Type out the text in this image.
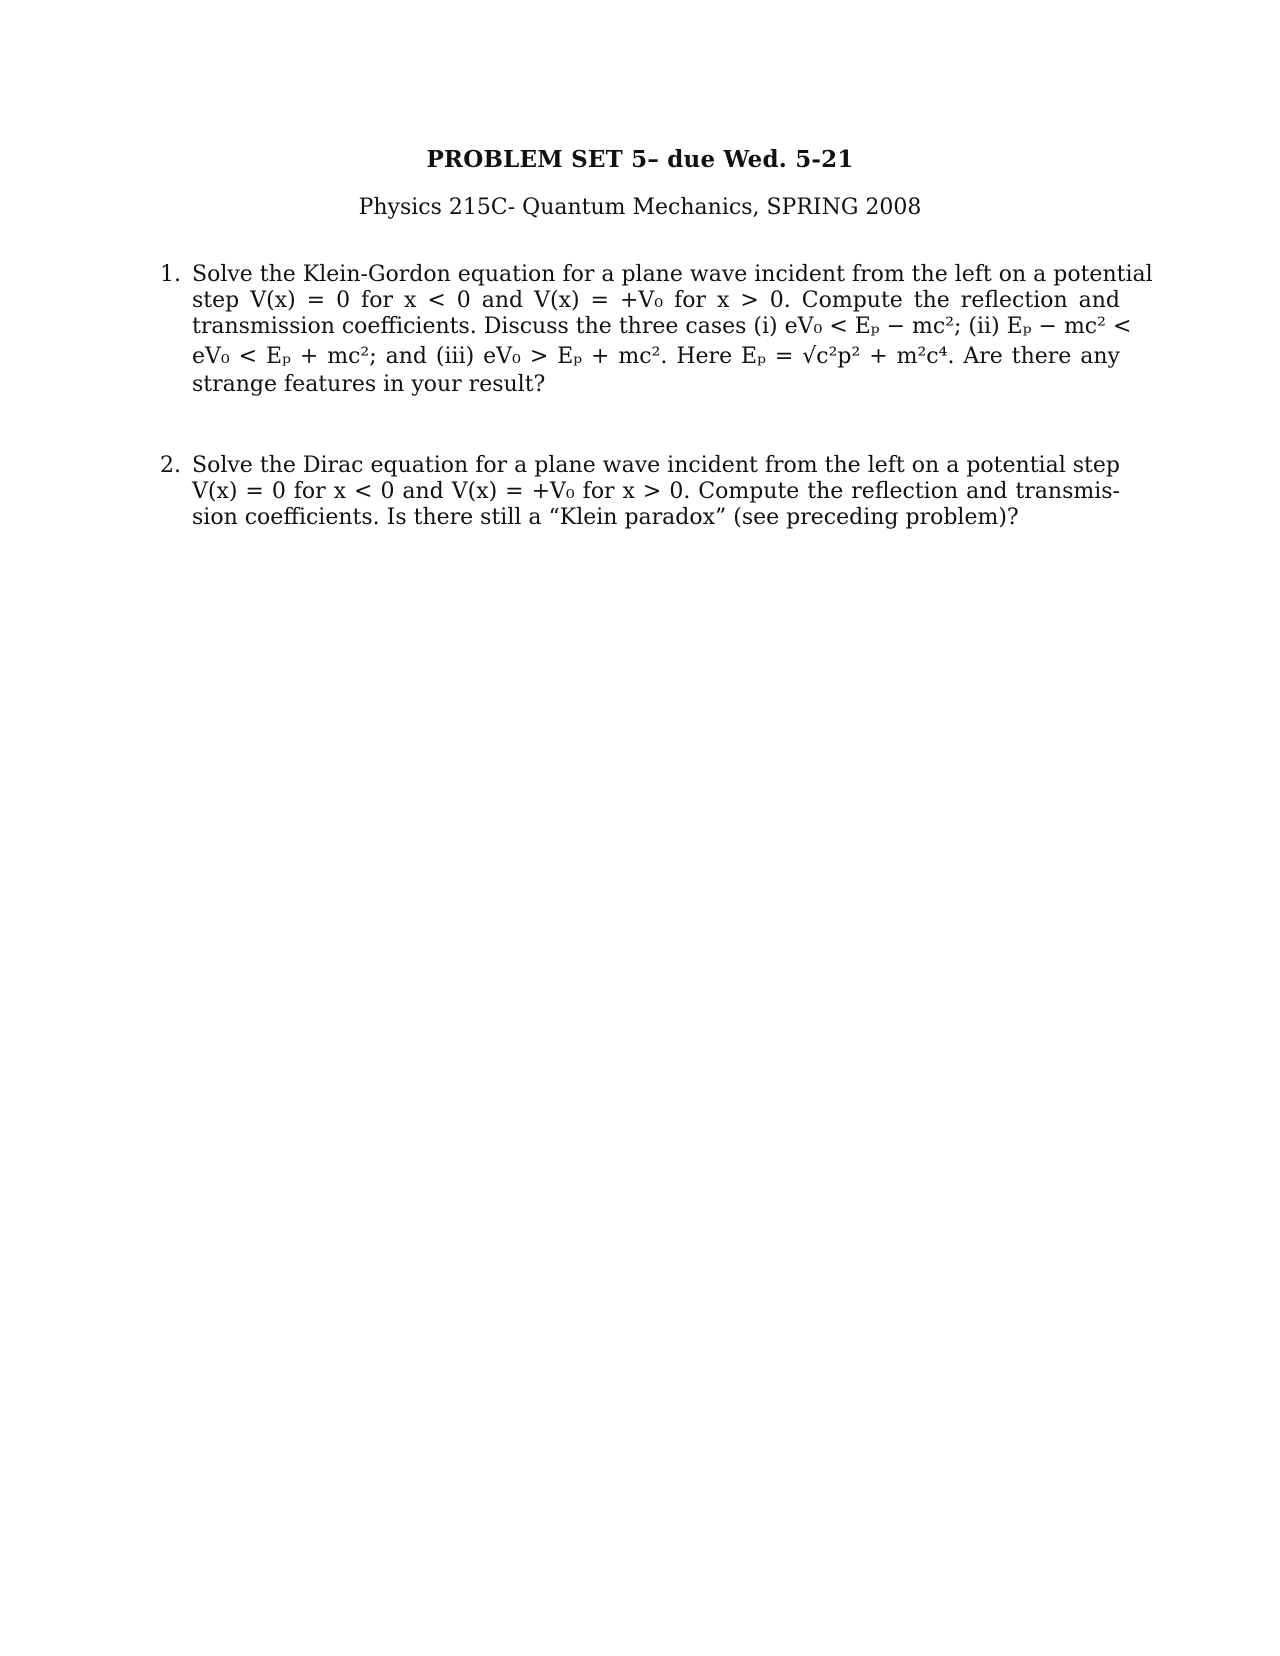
PROBLEM SET 5– due Wed. 5-21
Physics 215C- Quantum Mechanics, SPRING 2008
1. Solve the Klein-Gordon equation for a plane wave incident from the left on a potential
step V(x) = 0 for x < 0 and V(x) = +V₀ for x > 0. Compute the reflection and
transmission coefficients. Discuss the three cases (i) eV₀ < Eₚ − mc²; (ii) Eₚ − mc² <
eV₀ < Eₚ + mc²; and (iii) eV₀ > Eₚ + mc². Here Eₚ = √c²p² + m²c⁴. Are there any
strange features in your result?
2. Solve the Dirac equation for a plane wave incident from the left on a potential step
V(x) = 0 for x < 0 and V(x) = +V₀ for x > 0. Compute the reflection and transmis-
sion coefficients. Is there still a “Klein paradox” (see preceding problem)?
